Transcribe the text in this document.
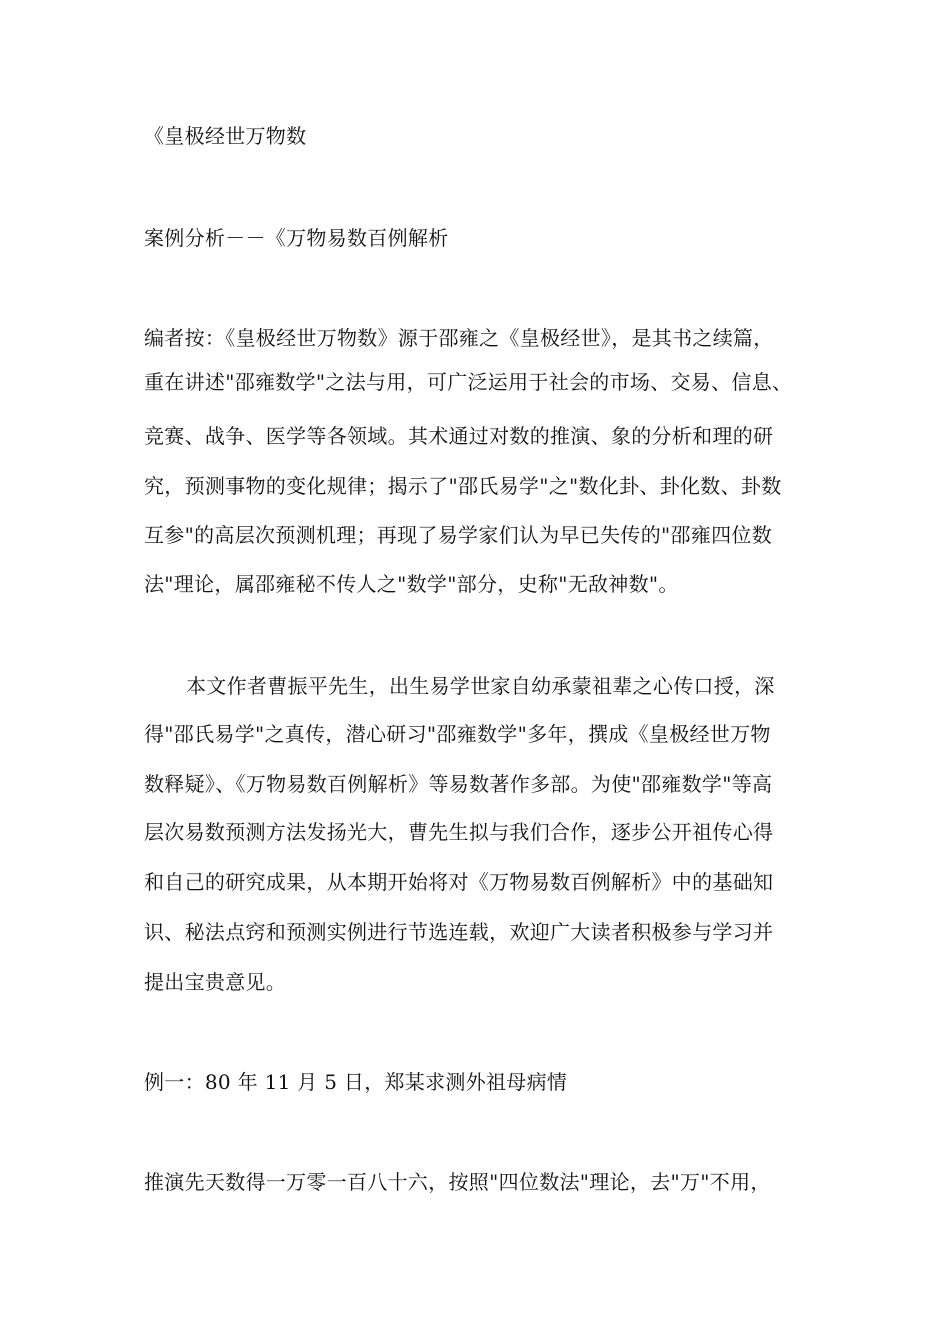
《皇极经世万物数
案例分析－－《万物易数百例解析
编者按：《皇极经世万物数》源于邵雍之《皇极经世》，是其书之续篇，
重在讲述"邵雍数学"之法与用，可广泛运用于社会的市场、交易、信息、
竞赛、战争、医学等各领域。其术通过对数的推演、象的分析和理的研
究，预测事物的变化规律；揭示了"邵氏易学"之"数化卦、卦化数、卦数
互参"的高层次预测机理；再现了易学家们认为早已失传的"邵雍四位数
法"理论，属邵雍秘不传人之"数学"部分，史称"无敌神数"。
本文作者曹振平先生，出生易学世家自幼承蒙祖辈之心传口授，深
得"邵氏易学"之真传，潜心研习"邵雍数学"多年，撰成《皇极经世万物
数释疑》、《万物易数百例解析》等易数著作多部。为使"邵雍数学"等高
层次易数预测方法发扬光大，曹先生拟与我们合作，逐步公开祖传心得
和自己的研究成果，从本期开始将对《万物易数百例解析》中的基础知
识、秘法点窍和预测实例进行节选连载，欢迎广大读者积极参与学习并
提出宝贵意见。
例一：80 年 11 月 5 日，郑某求测外祖母病情
推演先天数得一万零一百八十六，按照"四位数法"理论，去"万"不用，
